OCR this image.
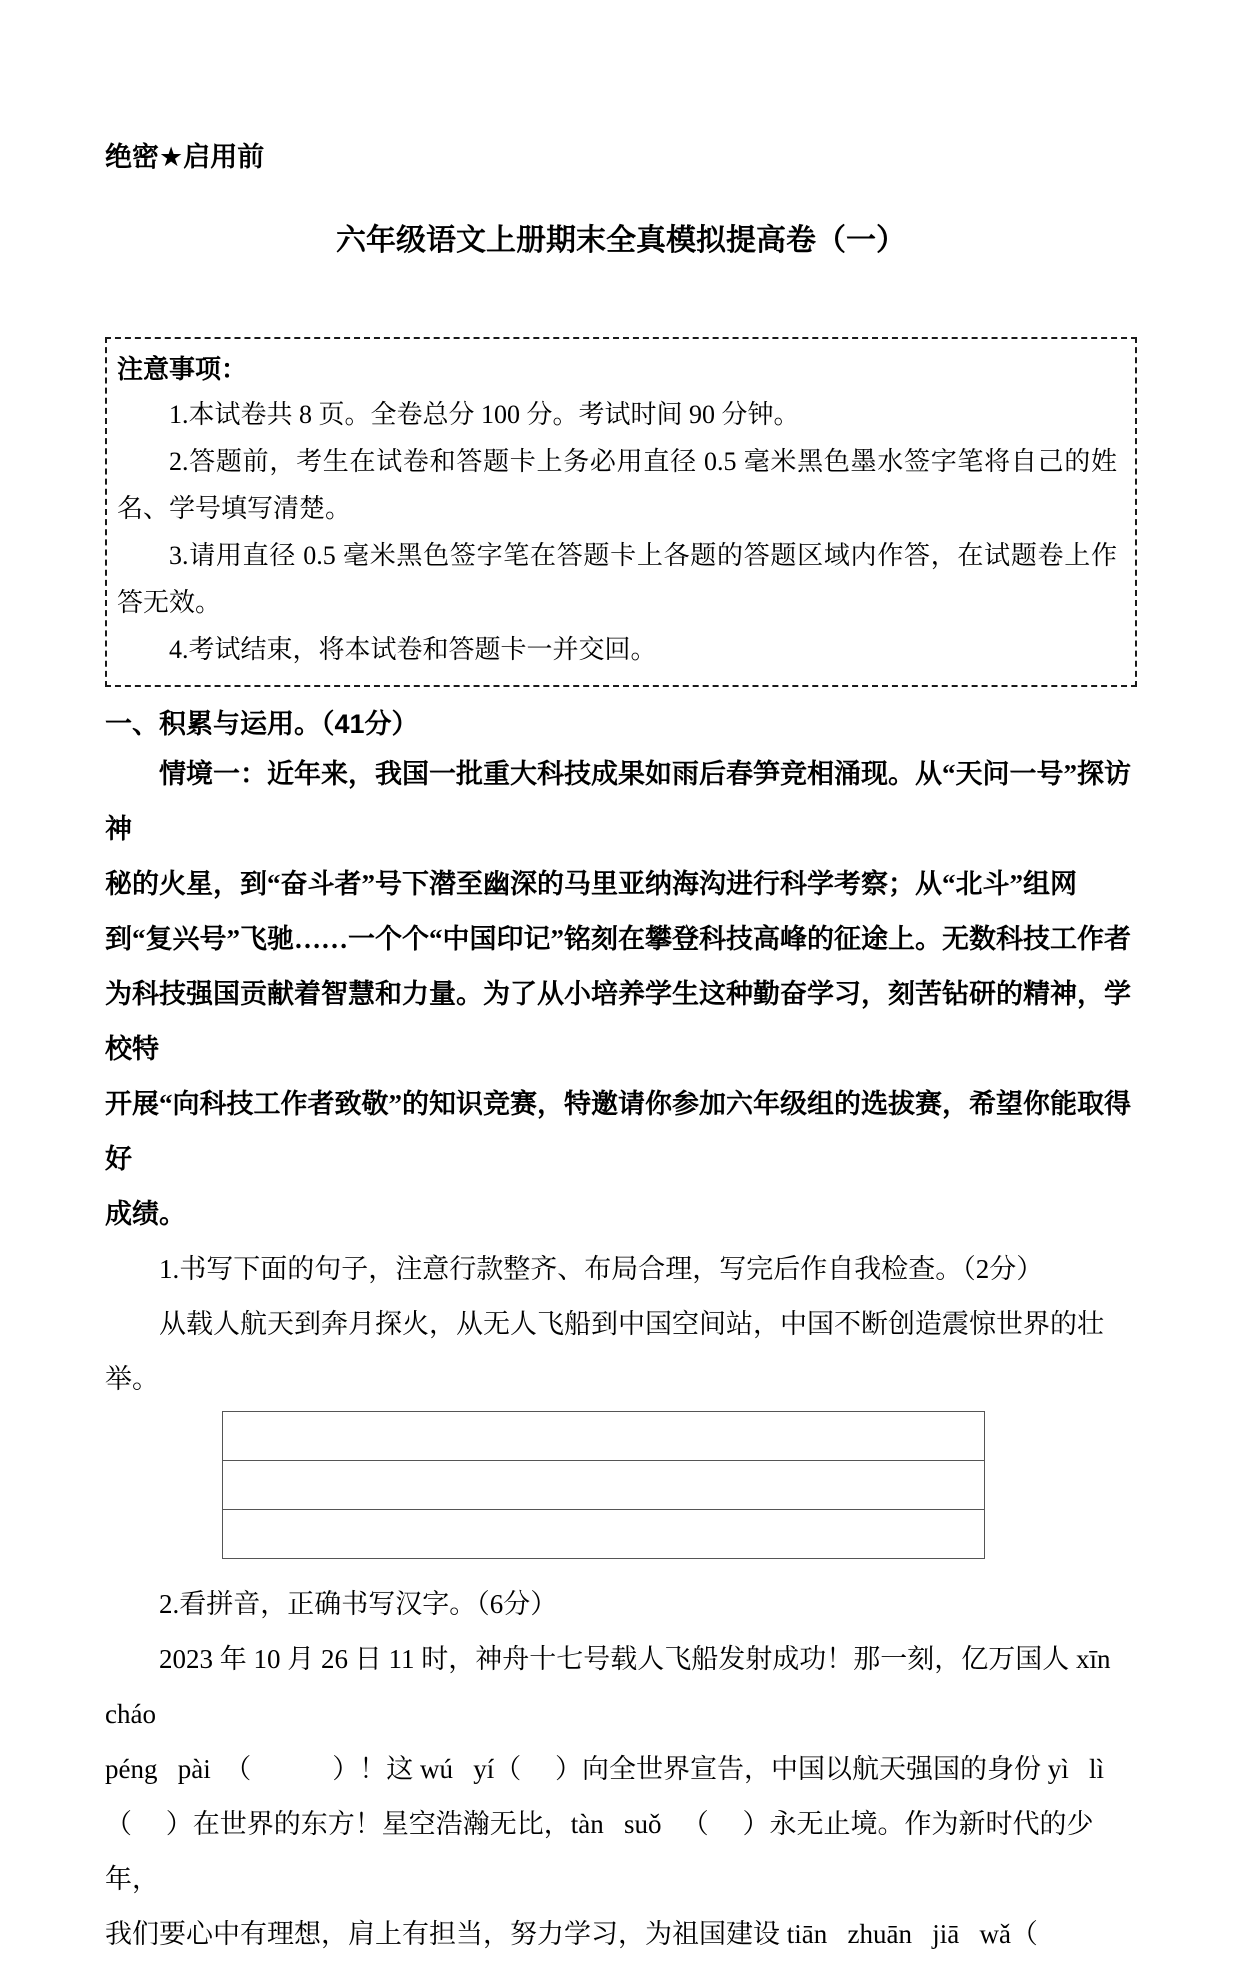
绝密★启用前
六年级语文上册期末全真模拟提高卷（一）
注意事项：

1.本试卷共 8 页。全卷总分 100 分。考试时间 90 分钟。

2.答题前，考生在试卷和答题卡上务必用直径 0.5 毫米黑色墨水签字笔将自己的姓名、学号填写清楚。

3.请用直径 0.5 毫米黑色签字笔在答题卡上各题的答题区域内作答，在试题卷上作答无效。

4.考试结束，将本试卷和答题卡一并交回。

一、积累与运用。（41分）
情境一：近年来，我国一批重大科技成果如雨后春笋竞相涌现。从“天问一号”探访神
秘的火星，到“奋斗者”号下潜至幽深的马里亚纳海沟进行科学考察；从“北斗”组网
到“复兴号”飞驰……一个个“中国印记”铭刻在攀登科技高峰的征途上。无数科技工作者
为科技强国贡献着智慧和力量。为了从小培养学生这种勤奋学习，刻苦钻研的精神，学校特
开展“向科技工作者致敬”的知识竞赛，特邀请你参加六年级组的选拔赛，希望你能取得好
成绩。
1.书写下面的句子，注意行款整齐、布局合理，写完后作自我检查。（2分）
从载人航天到奔月探火，从无人飞船到中国空间站，中国不断创造震惊世界的壮举。

2.看拼音，正确书写汉字。（6分）
2023 年 10 月 26 日 11 时，神舟十七号载人飞船发射成功！那一刻，亿万国人 xīn   cháo
péng   pài  （            ）！这 wú   yí（     ）向全世界宣告，中国以航天强国的身份 yì   lì
（     ）在世界的东方！星空浩瀚无比，tàn   suǒ   （     ）永无止境。作为新时代的少年，
我们要心中有理想，肩上有担当，努力学习，为祖国建设 tiān   zhuān   jiā   wǎ（
